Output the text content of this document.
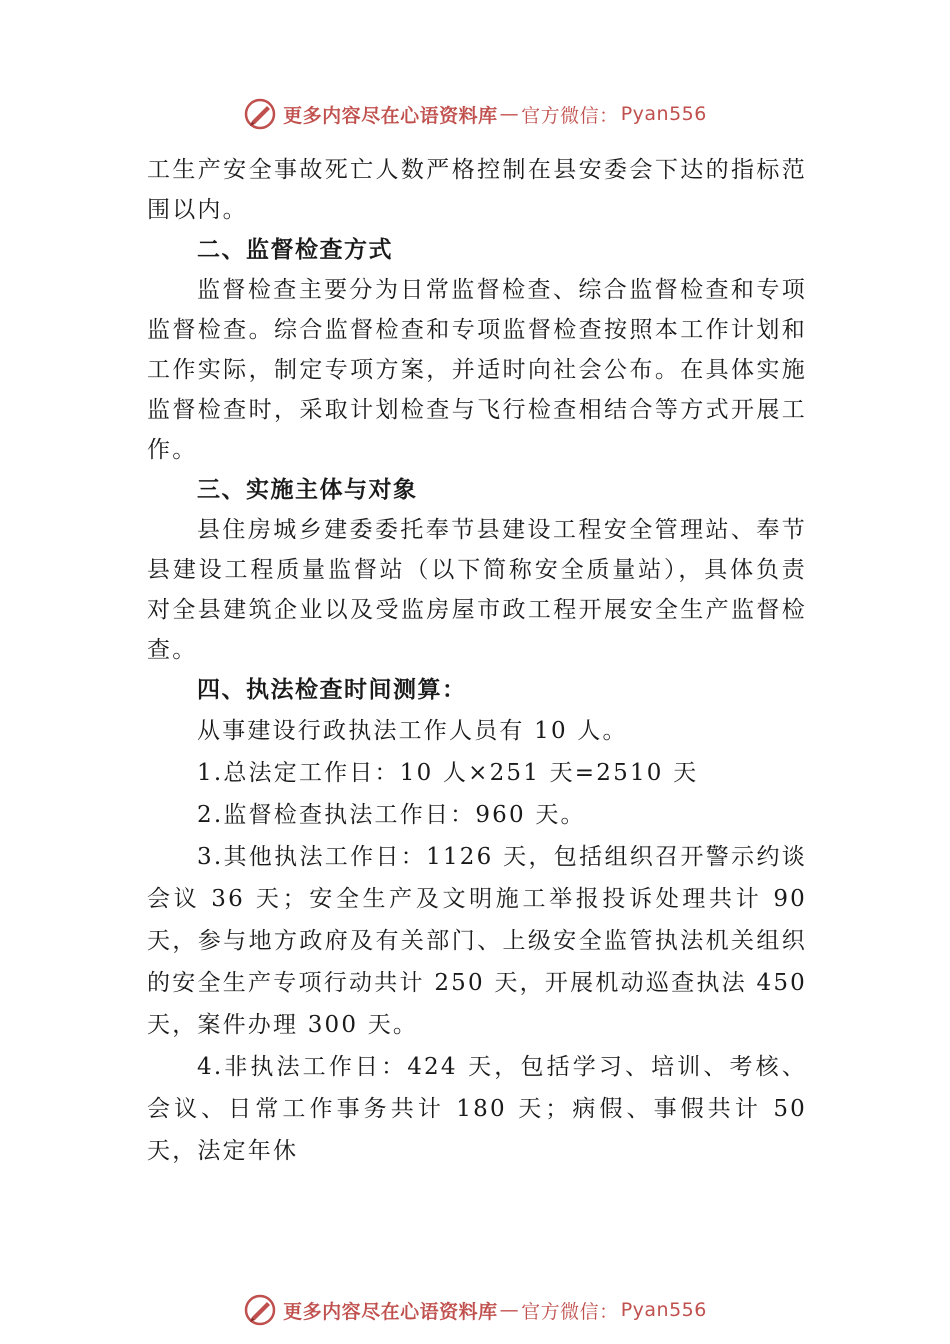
更多内容尽在心语资料库 — 官方微信： Pyan556

工生产安全事故死亡人数严格控制在县安委会下达的指标范围以内。

二、监督检查方式

监督检查主要分为日常监督检查、综合监督检查和专项监督检查。综合监督检查和专项监督检查按照本工作计划和工作实际，制定专项方案，并适时向社会公布。在具体实施监督检查时，采取计划检查与飞行检查相结合等方式开展工作。

三、实施主体与对象

县住房城乡建委委托奉节县建设工程安全管理站、奉节县建设工程质量监督站（以下简称安全质量站），具体负责对全县建筑企业以及受监房屋市政工程开展安全生产监督检查。

四、执法检查时间测算：

从事建设行政执法工作人员有 10 人。

1.总法定工作日：10 人×251 天=2510 天

2.监督检查执法工作日：960 天。

3.其他执法工作日：1126 天，包括组织召开警示约谈会议 36 天；安全生产及文明施工举报投诉处理共计 90 天，参与地方政府及有关部门、上级安全监管执法机关组织的安全生产专项行动共计 250 天，开展机动巡查执法 450 天，案件办理 300 天。

4.非执法工作日：424 天，包括学习、培训、考核、会议、日常工作事务共计 180 天；病假、事假共计 50 天，法定年休

更多内容尽在心语资料库 — 官方微信： Pyan556
